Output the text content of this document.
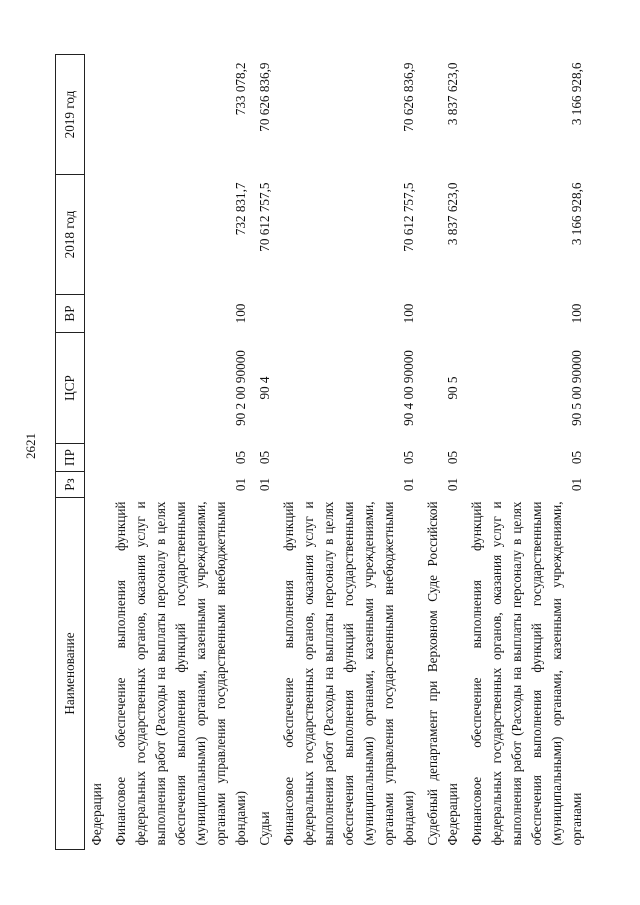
2621
Наименование	Рз	ПР	ЦСР	ВР	2018 год	2019 год
Федерации						
Финансовое обеспечение выполнения функций федеральных государственных органов, оказания услуг и выполнения работ (Расходы на выплаты персоналу в целях обеспечения выполнения функций государственными (муниципальными) органами, казенными учреждениями, органами управления государственными внебюджетными фондами)	01	05	90 2 00 90000	100	732 831,7	733 078,2
Судьи	01	05	90 4		70 612 757,5	70 626 836,9
Финансовое обеспечение выполнения функций федеральных государственных органов, оказания услуг и выполнения работ (Расходы на выплаты персоналу в целях обеспечения выполнения функций государственными (муниципальными) органами, казенными учреждениями, органами управления государственными внебюджетными фондами)	01	05	90 4 00 90000	100	70 612 757,5	70 626 836,9
Судебный департамент при Верховном Суде Российской Федерации	01	05	90 5		3 837 623,0	3 837 623,0
Финансовое обеспечение выполнения функций федеральных государственных органов, оказания услуг и выполнения работ (Расходы на выплаты персоналу в целях обеспечения выполнения функций государственными (муниципальными) органами, казенными учреждениями, органами	01	05	90 5 00 90000	100	3 166 928,6	3 166 928,6
